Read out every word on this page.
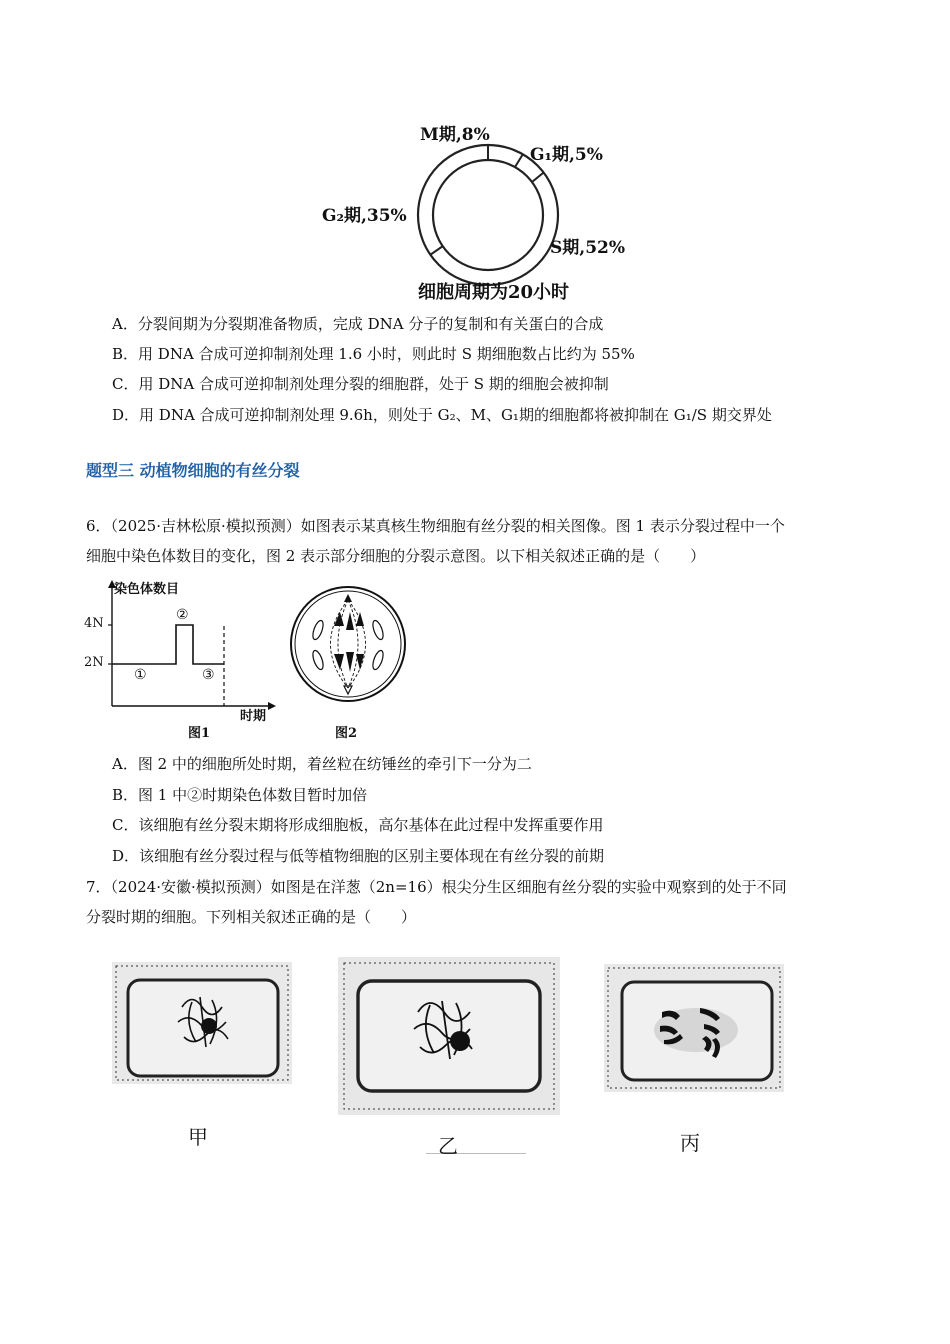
M期,8%
G₁期,5%
G₂期,35%
S期,52%
细胞周期为20小时
A．分裂间期为分裂期准备物质，完成 DNA 分子的复制和有关蛋白的合成
B．用 DNA 合成可逆抑制剂处理 1.6 小时，则此时 S 期细胞数占比约为 55%
C．用 DNA 合成可逆抑制剂处理分裂的细胞群，处于 S 期的细胞会被抑制
D．用 DNA 合成可逆抑制剂处理 9.6h，则处于 G₂、M、G₁期的细胞都将被抑制在 G₁/S 期交界处
题型三 动植物细胞的有丝分裂
6．（2025·吉林松原·模拟预测）如图表示某真核生物细胞有丝分裂的相关图像。图 1 表示分裂过程中一个
细胞中染色体数目的变化，图 2 表示部分细胞的分裂示意图。以下相关叙述正确的是（　　）
染色体数目
4N
2N
①
②
③
时期
图1	图2
A．图 2 中的细胞所处时期，着丝粒在纺锤丝的牵引下一分为二
B．图 1 中②时期染色体数目暂时加倍
C．该细胞有丝分裂末期将形成细胞板，高尔基体在此过程中发挥重要作用
D．该细胞有丝分裂过程与低等植物细胞的区别主要体现在有丝分裂的前期
7．（2024·安徽·模拟预测）如图是在洋葱（2n=16）根尖分生区细胞有丝分裂的实验中观察到的处于不同
分裂时期的细胞。下列相关叙述正确的是（　　）
甲	乙	丙
